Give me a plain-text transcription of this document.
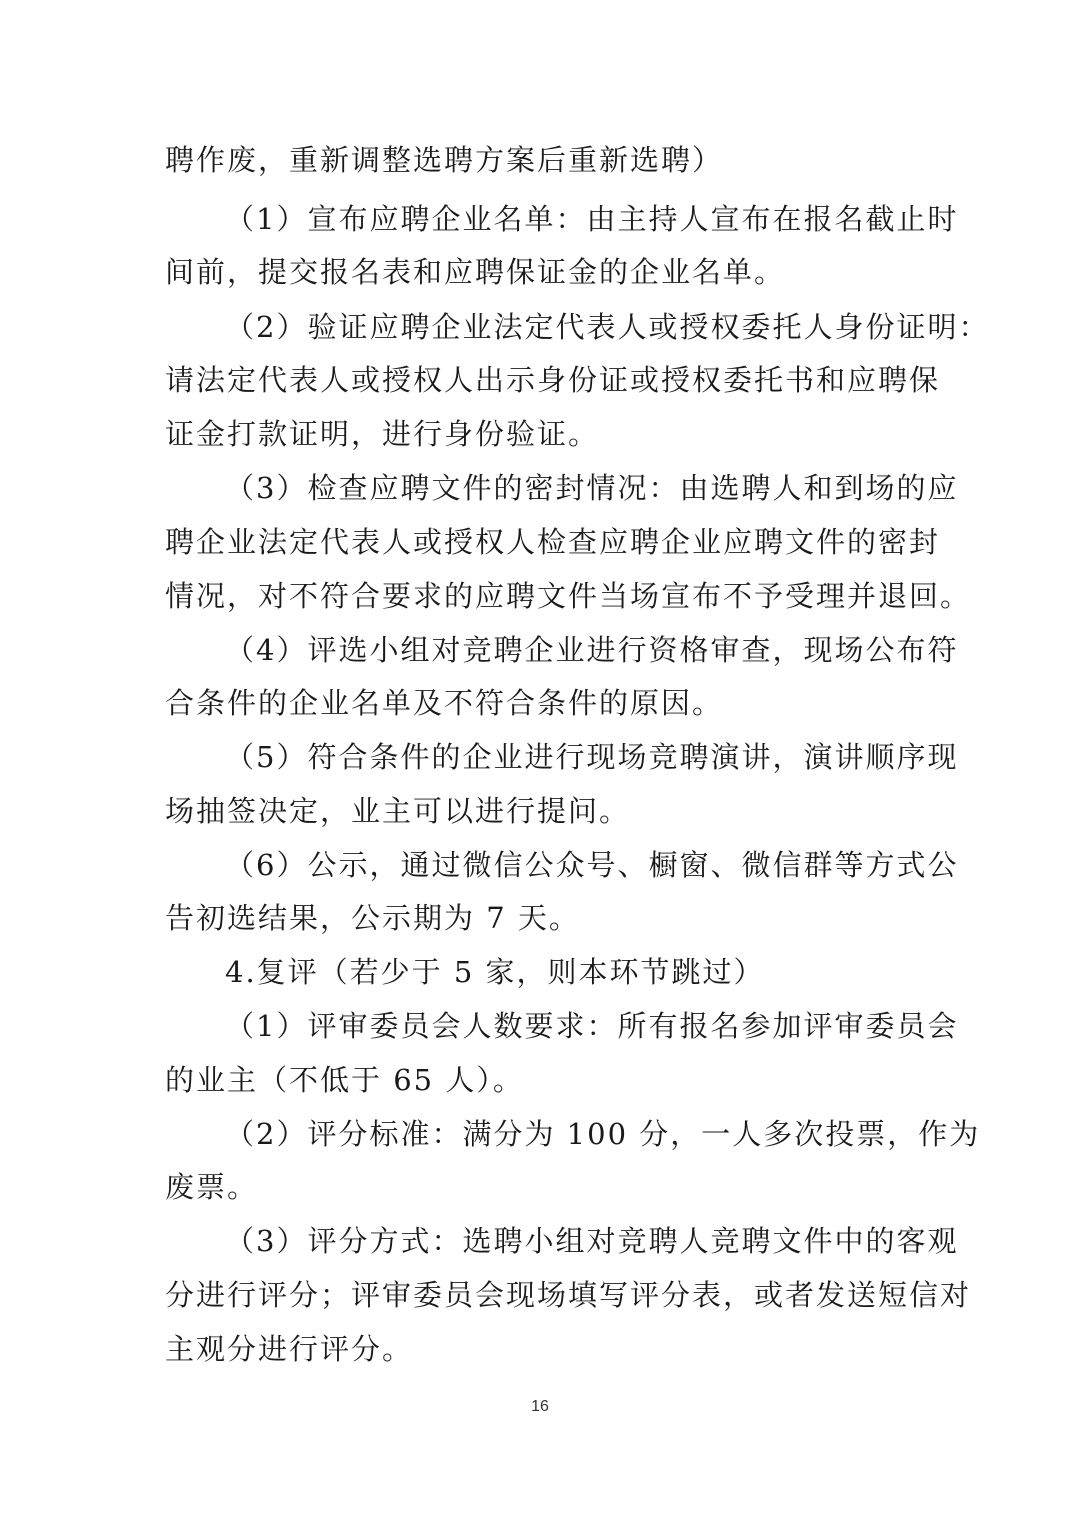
聘作废，重新调整选聘方案后重新选聘）
（1）宣布应聘企业名单：由主持人宣布在报名截止时
间前，提交报名表和应聘保证金的企业名单。
（2）验证应聘企业法定代表人或授权委托人身份证明：
请法定代表人或授权人出示身份证或授权委托书和应聘保
证金打款证明，进行身份验证。
（3）检查应聘文件的密封情况：由选聘人和到场的应
聘企业法定代表人或授权人检查应聘企业应聘文件的密封
情况，对不符合要求的应聘文件当场宣布不予受理并退回。
（4）评选小组对竞聘企业进行资格审查，现场公布符
合条件的企业名单及不符合条件的原因。
（5）符合条件的企业进行现场竞聘演讲，演讲顺序现
场抽签决定，业主可以进行提问。
（6）公示，通过微信公众号、橱窗、微信群等方式公
告初选结果，公示期为 7 天。
4.复评（若少于 5 家，则本环节跳过）
（1）评审委员会人数要求：所有报名参加评审委员会
的业主（不低于 65 人）。
（2）评分标准：满分为 100 分，一人多次投票，作为
废票。
（3）评分方式：选聘小组对竞聘人竞聘文件中的客观
分进行评分；评审委员会现场填写评分表，或者发送短信对
主观分进行评分。
16
